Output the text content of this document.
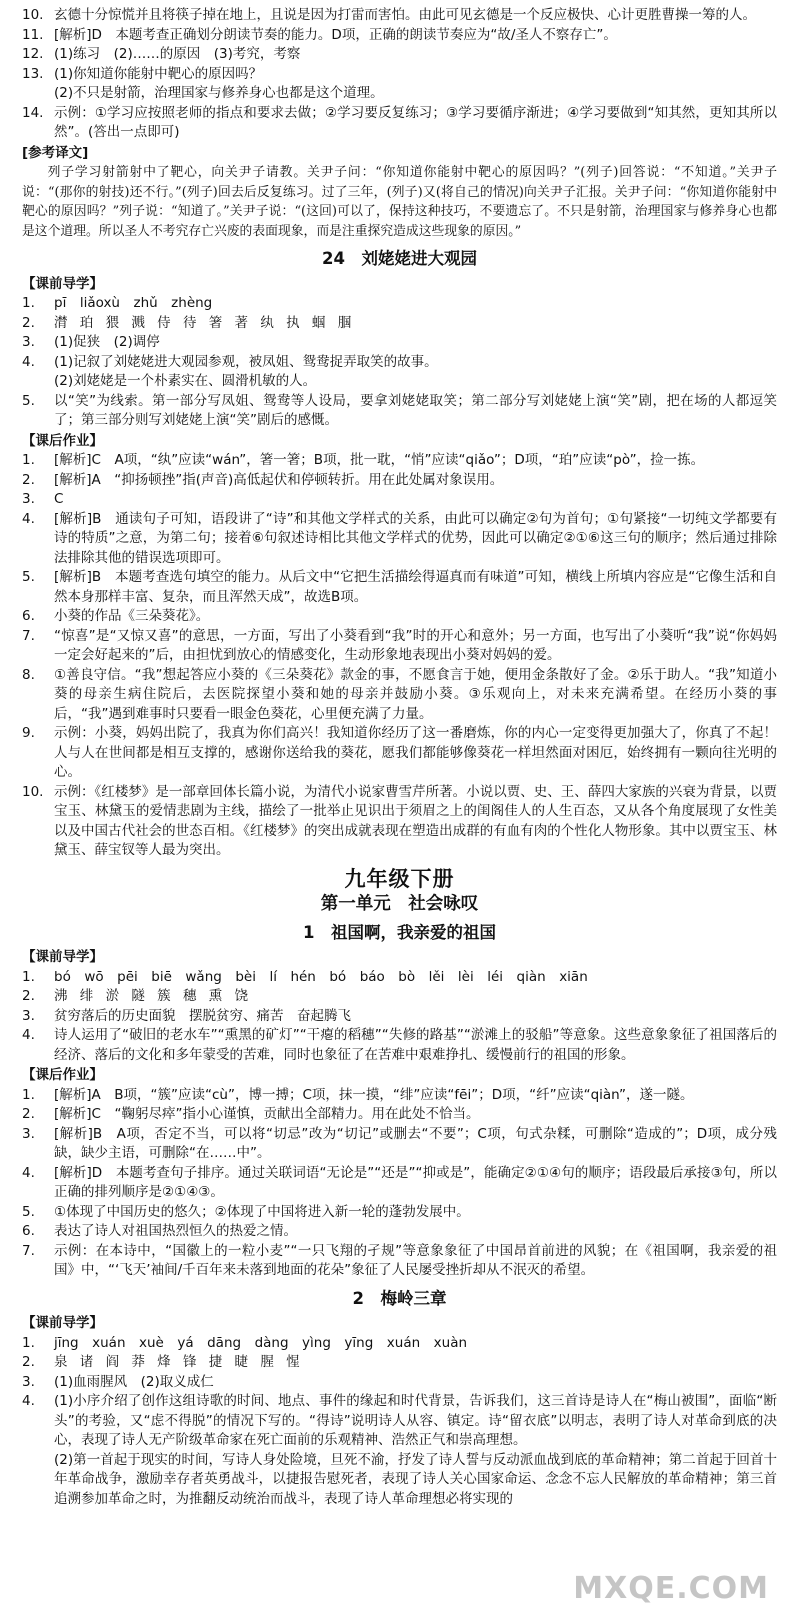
10. 玄德十分惊慌并且将筷子掉在地上，且说是因为打雷而害怕。由此可见玄德是一个反应极快、心计更胜曹操一筹的人。
11. [解析]D　本题考查正确划分朗读节奏的能力。D项，正确的朗读节奏应为“故/圣人不察存亡”。
12. (1)练习　(2)……的原因　(3)考究，考察
13. (1)你知道你能射中靶心的原因吗？
(2)不只是射箭，治理国家与修养身心也都是这个道理。
14. 示例：①学习应按照老师的指点和要求去做；②学习要反复练习；③学习要循序渐进；④学习要做到“知其然，更知其所以然”。(答出一点即可)
[参考译文]
列子学习射箭射中了靶心，向关尹子请教。关尹子问：“你知道你能射中靶心的原因吗？”(列子)回答说：“不知道。”关尹子说：“(那你的射技)还不行。”(列子)回去后反复练习。过了三年，(列子)又(将自己的情况)向关尹子汇报。关尹子问：“你知道你能射中靶心的原因吗？”列子说：“知道了。”关尹子说：“(这回)可以了，保持这种技巧，不要遗忘了。不只是射箭，治理国家与修养身心也都是这个道理。所以圣人不考究存亡兴废的表面现象，而是注重探究造成这些现象的原因。”
24　刘姥姥进大观园
【课前导学】
1.	pī　liǎoxù　zhǔ　zhèng
2.	潸 珀 猥 溅 侍 待 箸 著 纨 执 蝈 腘
3.	(1)促狭　(2)调停
4.	(1)记叙了刘姥姥进大观园参观，被凤姐、鸳鸯捉弄取笑的故事。
(2)刘姥姥是一个朴素实在、圆滑机敏的人。
5.	以“笑”为线索。第一部分写凤姐、鸳鸯等人设局，要拿刘姥姥取笑；第二部分写刘姥姥上演“笑”剧，把在场的人都逗笑了；第三部分则写刘姥姥上演“笑”剧后的感慨。
【课后作业】
1.	[解析]C　A项，“纨”应读“wán”，箸一箸；B项，批一耽，“悄”应读“qiǎo”；D项，“珀”应读“pò”，捡一拣。
2.	[解析]A　“抑扬顿挫”指(声音)高低起伏和停顿转折。用在此处属对象误用。
3.	C
4.	[解析]B　通读句子可知，语段讲了“诗”和其他文学样式的关系，由此可以确定②句为首句；①句紧接“一切纯文学都要有诗的特质”之意，为第二句；接着⑥句叙述诗相比其他文学样式的优势，因此可以确定②①⑥这三句的顺序；然后通过排除法排除其他的错误选项即可。
5.	[解析]B　本题考查选句填空的能力。从后文中“它把生活描绘得逼真而有味道”可知，横线上所填内容应是“它像生活和自然本身那样丰富、复杂，而且浑然天成”，故选B项。
6.	小葵的作品《三朵葵花》。
7.	“惊喜”是“又惊又喜”的意思，一方面，写出了小葵看到“我”时的开心和意外；另一方面，也写出了小葵听“我”说“你妈妈一定会好起来的”后，由担忧到放心的情感变化，生动形象地表现出小葵对妈妈的爱。
8.	①善良守信。“我”想起答应小葵的《三朵葵花》款金的事，不愿食言于她，便用金条散好了金。②乐于助人。“我”知道小葵的母亲生病住院后，去医院探望小葵和她的母亲并鼓励小葵。③乐观向上，对未来充满希望。在经历小葵的事后，“我”遇到难事时只要看一眼金色葵花，心里便充满了力量。
9.	示例：小葵，妈妈出院了，我真为你们高兴！我知道你经历了这一番磨炼，你的内心一定变得更加强大了，你真了不起！人与人在世间都是相互支撑的，感谢你送给我的葵花，愿我们都能够像葵花一样坦然面对困厄，始终拥有一颗向往光明的心。
10. 示例：《红楼梦》是一部章回体长篇小说，为清代小说家曹雪芹所著。小说以贾、史、王、薛四大家族的兴衰为背景，以贾宝玉、林黛玉的爱情悲剧为主线，描绘了一批举止见识出于须眉之上的闺阁佳人的人生百态，又从各个角度展现了女性美以及中国古代社会的世态百相。《红楼梦》的突出成就表现在塑造出成群的有血有肉的个性化人物形象。其中以贾宝玉、林黛玉、薛宝钗等人最为突出。
九年级下册
第一单元　社会咏叹
1　祖国啊，我亲爱的祖国
【课前导学】
1.	bó　wō　pēi　biē　wǎng　bèi　lí　hén　bó　báo　bò　lěi　lèi　léi　qiàn　xiān
2.	沸 绯 淤 隧 簇 穗 熏 饶
3.	贫穷落后的历史面貌　摆脱贫穷、痛苦　奋起腾飞
4.	诗人运用了“破旧的老水车”“熏黑的矿灯”“干瘪的稻穗”“失修的路基”“淤滩上的驳船”等意象。这些意象象征了祖国落后的经济、落后的文化和多年蒙受的苦难，同时也象征了在苦难中艰难挣扎、缓慢前行的祖国的形象。
【课后作业】
1.	[解析]A　B项，“簇”应读“cù”，博一搏；C项，抹一摸，“绯”应读“fēi”；D项，“纤”应读“qiàn”，遂一隧。
2.	[解析]C　“鞠躬尽瘁”指小心谨慎，贡献出全部精力。用在此处不恰当。
3.	[解析]B　A项，否定不当，可以将“切忌”改为“切记”或删去“不要”；C项，句式杂糅，可删除“造成的”；D项，成分残缺，缺少主语，可删除“在……中”。
4.	[解析]D　本题考查句子排序。通过关联词语“无论是”“还是”“抑或是”，能确定②①④句的顺序；语段最后承接③句，所以正确的排列顺序是②①④③。
5.	①体现了中国历史的悠久；②体现了中国将进入新一轮的蓬勃发展中。
6.	表达了诗人对祖国热烈恒久的热爱之情。
7.	示例：在本诗中，“国徽上的一粒小麦”“一只飞翔的孑规”等意象象征了中国昂首前进的风貌；在《祖国啊，我亲爱的祖国》中，“‘飞天’袖间/千百年来未落到地面的花朵”象征了人民屡受挫折却从不泯灭的希望。
2　梅岭三章
【课前导学】
1.	jīng　xuán　xuè　yá　dāng　dàng　yìng　yīng　xuán　xuàn
2.	泉 诸 阎 莽 烽 锋 捷 睫 腥 惺
3.	(1)血雨腥风　(2)取义成仁
4.	(1)小序介绍了创作这组诗歌的时间、地点、事件的缘起和时代背景，告诉我们，这三首诗是诗人在“梅山被围”，面临“断头”的考验，又“虑不得脱”的情况下写的。“得诗”说明诗人从容、镇定。诗“留衣底”以明志，表明了诗人对革命到底的决心，表现了诗人无产阶级革命家在死亡面前的乐观精神、浩然正气和崇高理想。
(2)第一首起于现实的时间，写诗人身处险境，旦死不渝，抒发了诗人誓与反动派血战到底的革命精神；第二首起于回首十年革命战争，激励幸存者英勇战斗，以捷报告慰死者，表现了诗人关心国家命运、念念不忘人民解放的革命精神；第三首追溯参加革命之时，为推翻反动统治而战斗，表现了诗人革命理想必将实现的
MXQE.COM
